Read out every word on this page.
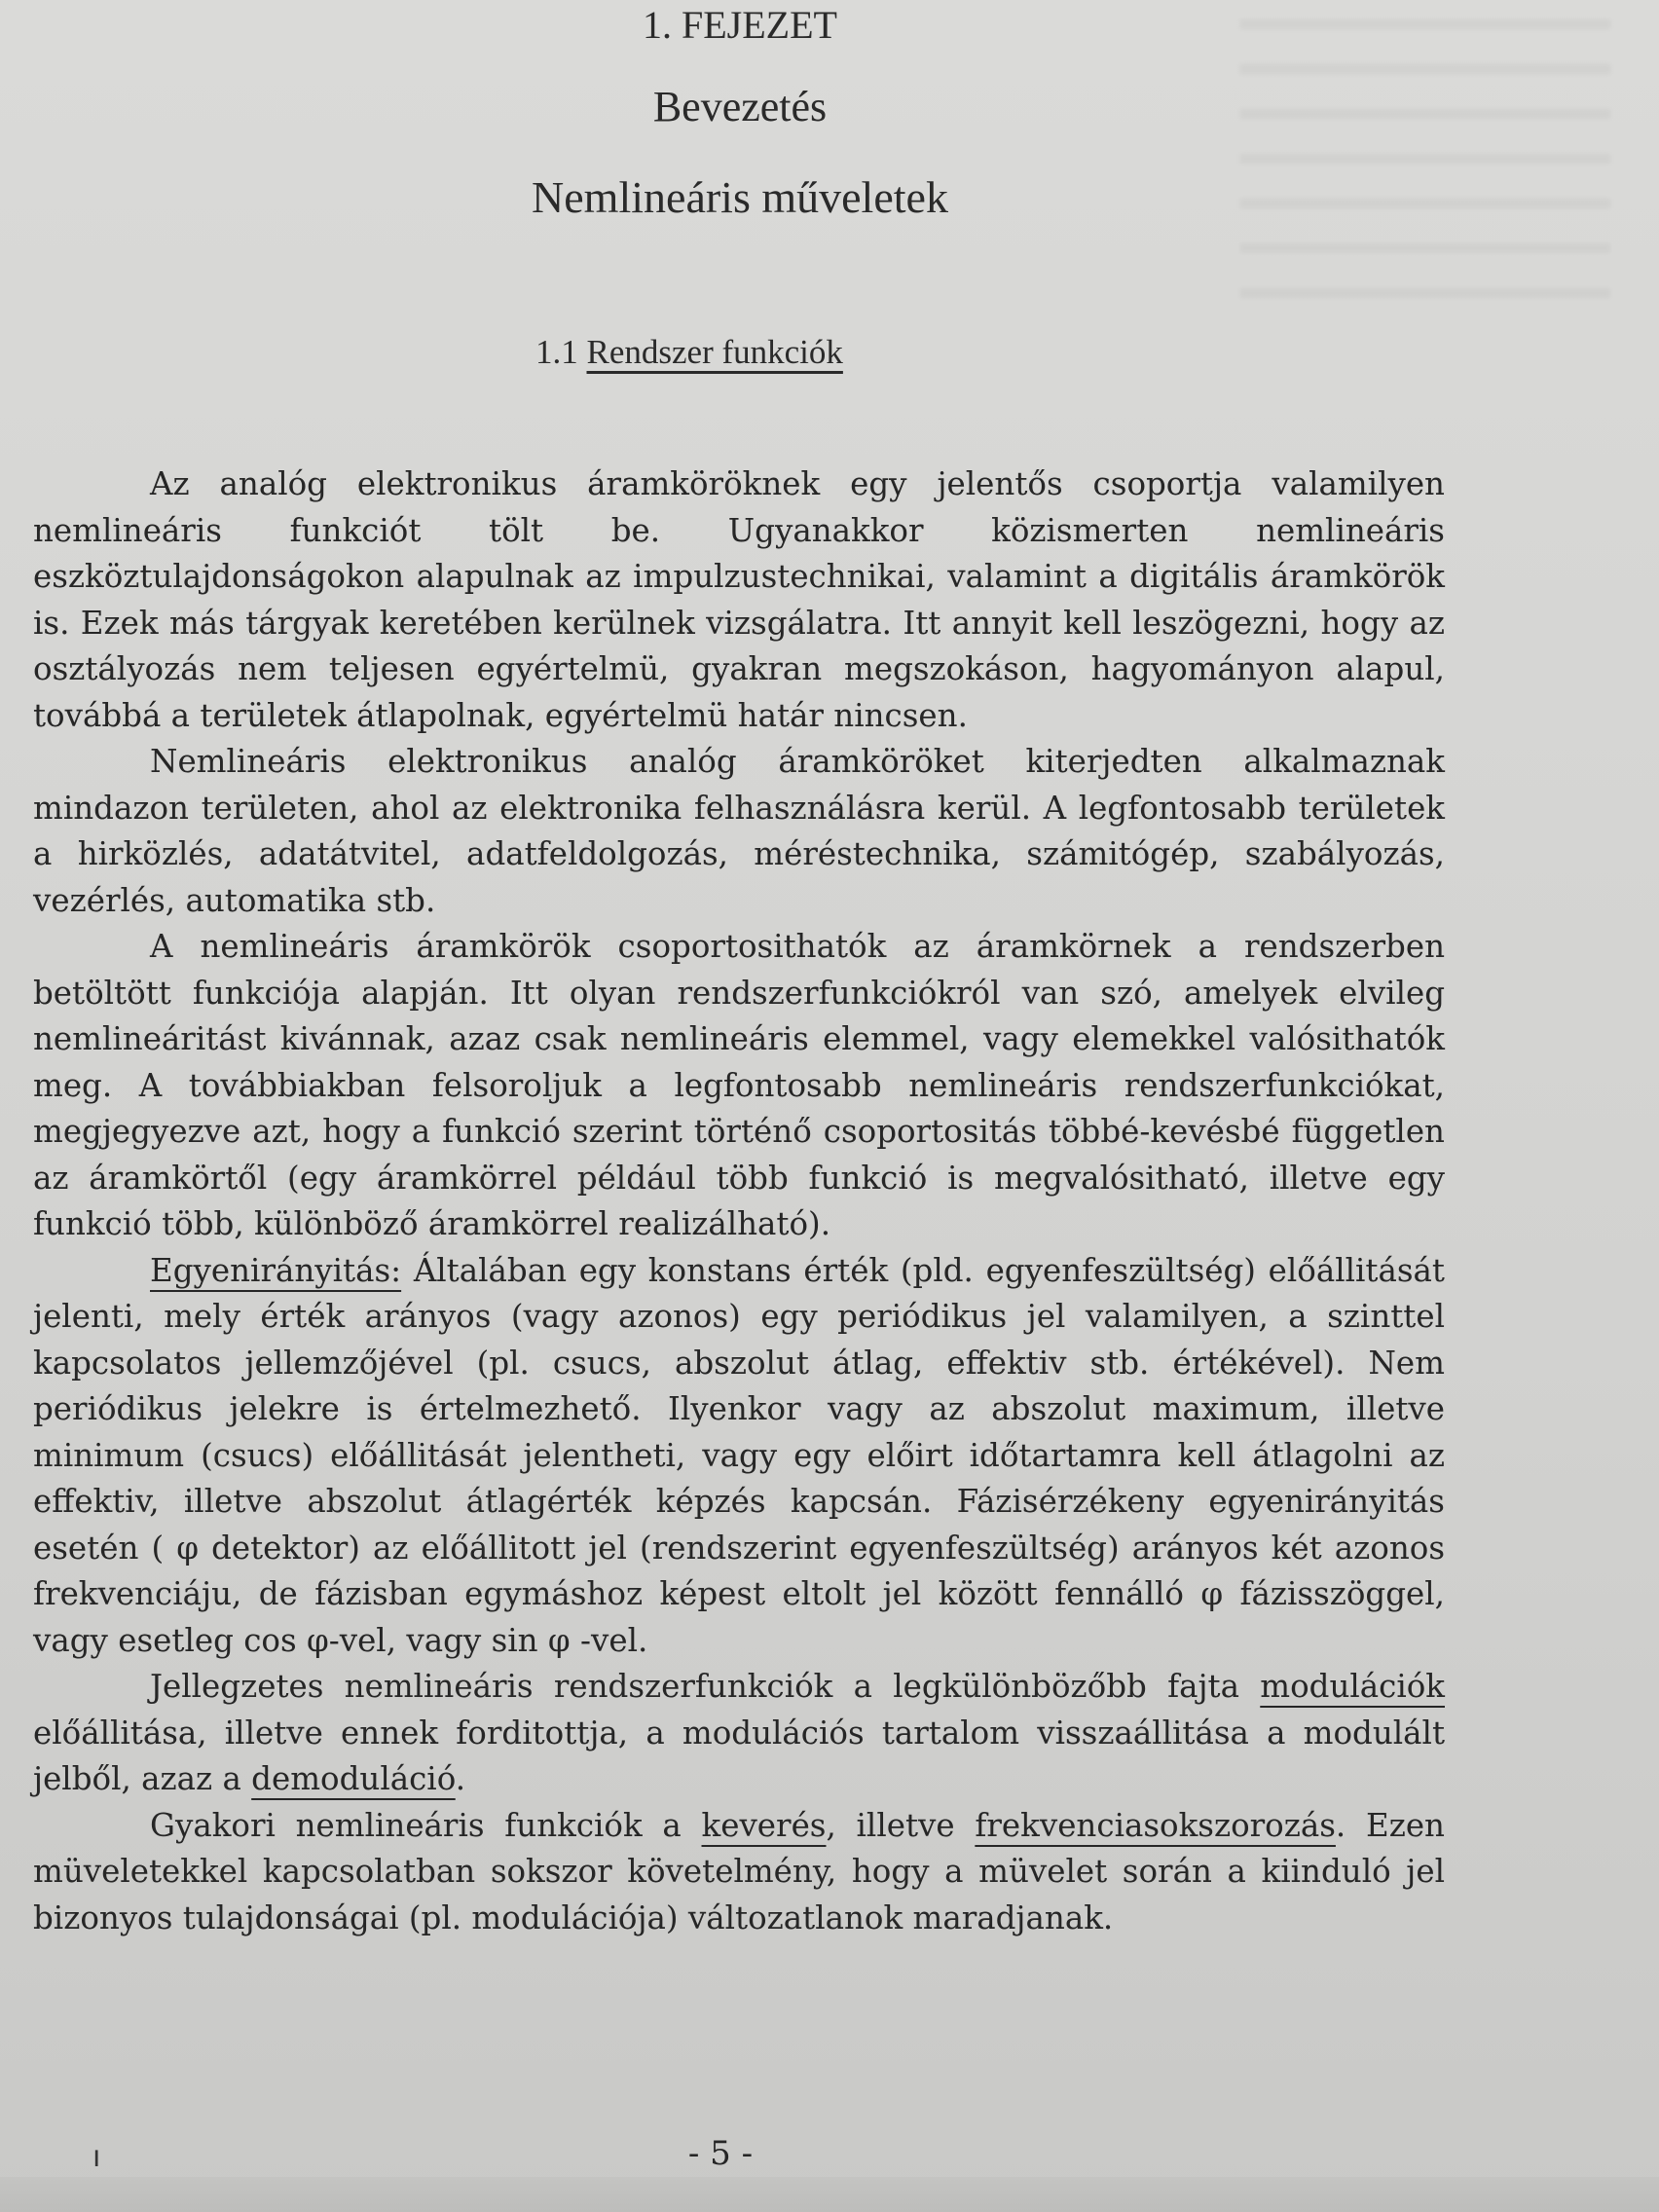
1. FEJEZET
Bevezetés
Nemlineáris műveletek
1.1 Rendszer funkciók

Az analóg elektronikus áramköröknek egy jelentős csoportja valamilyen nemlineáris funkciót tölt be. Ugyanakkor közismerten nemlineáris eszköztulajdonságokon alapulnak az impulzustechnikai, valamint a digitális áramkörök is. Ezek más tárgyak keretében kerülnek vizsgálatra. Itt annyit kell leszögezni, hogy az osztályozás nem teljesen egyértelmü, gyakran megszokáson, hagyományon alapul, továbbá a területek átlapolnak, egyértelmü határ nincsen.

Nemlineáris elektronikus analóg áramköröket kiterjedten alkalmaznak mindazon területen, ahol az elektronika felhasználásra kerül. A legfontosabb területek a hirközlés, adatátvitel, adatfeldolgozás, méréstechnika, számitógép, szabályozás, vezérlés, automatika stb.

A nemlineáris áramkörök csoportosithatók az áramkörnek a rendszerben betöltött funkciója alapján. Itt olyan rendszerfunkciókról van szó, amelyek elvileg nemlineáritást kivánnak, azaz csak nemlineáris elemmel, vagy elemekkel valósithatók meg. A továbbiakban felsoroljuk a legfontosabb nemlineáris rendszerfunkciókat, megjegyezve azt, hogy a funkció szerint történő csoportositás többé-kevésbé független az áramkörtől (egy áramkörrel például több funkció is megvalósitható, illetve egy funkció több, különböző áramkörrel realizálható).

Egyenirányitás: Általában egy konstans érték (pld. egyenfeszültség) előállitását jelenti, mely érték arányos (vagy azonos) egy periódikus jel valamilyen, a szinttel kapcsolatos jellemzőjével (pl. csucs, abszolut átlag, effektiv stb. értékével). Nem periódikus jelekre is értelmezhető. Ilyenkor vagy az abszolut maximum, illetve minimum (csucs) előállitását jelentheti, vagy egy előirt időtartamra kell átlagolni az effektiv, illetve abszolut átlagérték képzés kapcsán. Fázisérzékeny egyenirányitás esetén ( φ detektor) az előállitott jel (rendszerint egyenfeszültség) arányos két azonos frekvenciáju, de fázisban egymáshoz képest eltolt jel között fennálló φ fázisszöggel, vagy esetleg cos φ-vel, vagy sin φ -vel.

Jellegzetes nemlineáris rendszerfunkciók a legkülönbözőbb fajta modulációk előállitása, illetve ennek forditottja, a modulációs tartalom visszaállitása a modulált jelből, azaz a demoduláció.

Gyakori nemlineáris funkciók a keverés, illetve frekvenciasokszorozás. Ezen müveletekkel kapcsolatban sokszor követelmény, hogy a müvelet során a kiinduló jel bizonyos tulajdonságai (pl. modulációja) változatlanok maradjanak.

ı	- 5 -
